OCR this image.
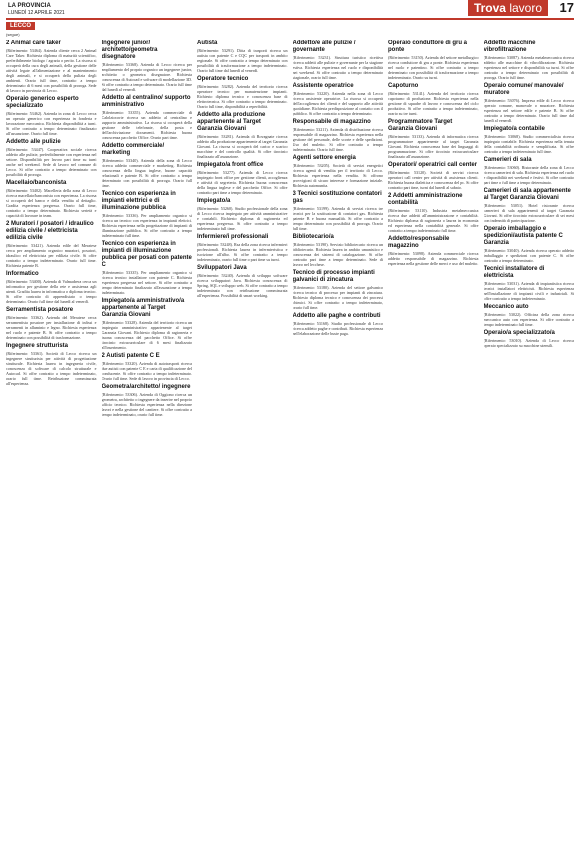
LA PROVINCIA
LUNEDÌ 12 APRILE 2021	Trova lavoro	17
LECCO
(segue)
2 Animal care taker
(Riferimento: 53464). Azienda cliente cerca 2 Animal Care Taker. Richiesta diploma di maturità scientifico, preferibilmente biologo / agraria o perito. La risorsa si occuperà della cura degli animali, della gestione delle attività legate all'alimentazione e al mantenimento degli animali, e si occuperà della pulizia degli ambienti. Orario full time, contratto a tempo determinato di 6 mesi con possibilità di proroga. Sede di lavoro in provincia di Lecco.
Operaio generico esperto specializzato
(Riferimento: 53462). Azienda in zona di Lecco cerca un operaio generico con esperienza in fonderia e lavorazione meccanica. Richiesta disponibilità a turni. Si offre contratto a tempo determinato finalizzato all'assunzione. Orario full time.
Addetto alle pulizie
(Riferimento: 53447). Cooperativa sociale ricerca addetto alle pulizie, preferibilmente con esperienza nel settore. Disponibilità per lavoro part time su turni anche nel weekend. Sede di lavoro nel comune di Lecco. Si offre contratto a tempo determinato con possibilità di proroga.
Macellaio/banconista
(Riferimento: 53402). Macelleria della zona di Lecco ricerca macellaio/banconista con esperienza. La risorsa si occuperà del banco e della vendita al dettaglio. Gradita esperienza pregressa. Orario full time, contratto a tempo determinato. Richiesta serietà e capacità di lavorare in team.
2 Muratori / posatori / idraulico edilizia civile / elettricista edilizia civile
(Riferimento: 53421). Azienda edile del Meratese cerca per ampliamento organico muratori, posatori, idraulico ed elettricista per edilizia civile. Si offre contratto a tempo indeterminato. Orario full time. Richiesta patente B.
Informatico
(Riferimento: 53400). Azienda di Valmadrera cerca un informatico per gestione della rete e assistenza agli utenti. Gradita laurea in informatica o diploma tecnico. Si offre contratto di apprendistato o tempo determinato. Orario full time dal lunedì al venerdì.
Serramentista posatore
(Riferimento: 53362). Azienda del Meratese cerca serramentista posatore per installazione di infissi e serramenti in alluminio e legno. Richiesta esperienza nel ruolo e patente B. Si offre contratto a tempo determinato con possibilità di trasformazione.
Ingegnere strutturista
(Riferimento: 53361). Società di Lecco ricerca un ingegnere strutturista per attività di progettazione strutturale. Richiesta laurea in ingegneria civile, conoscenza di software di calcolo strutturale e Autocad. Si offre contratto a tempo indeterminato, orario full time. Retribuzione commisurata all'esperienza.
Ingegnere junior/ architetto/geometra disegnatore
(Riferimento: 53368). Azienda di Lecco ricerca per ampliamento del proprio organico un ingegnere junior, architetto o geometra disegnatore. Richiesta conoscenza di Autocad e software di modellazione 3D. Si offre contratto a tempo determinato. Orario full time dal lunedì al venerdì.
Addetto al centralino/ supporto amministrativo
(Riferimento: 53355). Azienda commerciale di Calolziocorte ricerca un addetto al centralino e supporto amministrativo. La risorsa si occuperà della gestione delle telefonate, della posta e dell'archiviazione documenti. Richiesta buona conoscenza pacchetto Office. Orario part time.
Addetto commerciale/ marketing
(Riferimento: 53340). Azienda della zona di Lecco ricerca addetto commerciale e marketing. Richiesta conoscenza della lingua inglese, buone capacità relazionali e patente B. Si offre contratto a tempo determinato con possibilità di proroga. Orario full time.
Tecnico con esperienza in impianti elettrici e di illuminazione pubblica
(Riferimento: 53336). Per ampliamento organico si ricerca un tecnico con esperienza in impianti elettrici. Richiesta esperienza nella progettazione di impianti di illuminazione pubblica. Si offre contratto a tempo indeterminato full time.
Tecnico con esperienza in impianti di illuminazione pubblica per posati con patente C
(Riferimento: 53335). Per ampliamento organico si ricerca tecnico installatore con patente C. Richiesta esperienza pregressa nel settore. Si offre contratto a tempo determinato finalizzato all'assunzione a tempo indeterminato.
Impiegato/a amministrativo/a appartenente al Target Garanzia Giovani
(Riferimento: 53328). Azienda del territorio ricerca un impiegato amministrativo appartenente al target Garanzia Giovani. Richiesto diploma di ragioneria e buona conoscenza del pacchetto Office. Si offre tirocinio extracurriculare di 6 mesi finalizzato all'inserimento.
2 Autisti patente C E
(Riferimento: 53320). Azienda di autotrasporti ricerca due autisti con patente C E e carta di qualificazione del conducente. Si offre contratto a tempo indeterminato. Orario full time. Sede di lavoro in provincia di Lecco.
Geometra/architetto/ ingegnere
(Riferimento: 53306). Azienda di Oggiono ricerca un geometra, architetto o ingegnere da inserire nel proprio ufficio tecnico. Richiesta esperienza nella direzione lavori e nella gestione del cantiere. Si offre contratto a tempo indeterminato, orario full time.
Autista
(Riferimento: 53291). Ditta di trasporti ricerca un autista con patente C e CQC per trasporti in ambito regionale. Si offre contratto a tempo determinato con possibilità di trasformazione a tempo indeterminato. Orario full time dal lunedì al venerdì.
Operatore tecnico
(Riferimento: 53282). Azienda del territorio ricerca operatore tecnico per manutenzione impianti. Richiesto diploma tecnico e conoscenza base di elettrotecnica. Si offre contratto a tempo determinato. Orario full time, disponibilità a reperibilità.
Addetto alla produzione appartenente al Target Garanzia Giovani
(Riferimento: 53281). Azienda di Rovagnate ricerca addetto alla produzione appartenente al target Garanzia Giovani. La risorsa si occuperà del carico e scarico macchine e del controllo qualità. Si offre tirocinio finalizzato all'assunzione.
Impiegato/a front office
(Riferimento: 53277). Azienda di Lecco ricerca impiegato front office per gestione clienti, accoglienza e attività di segreteria. Richiesta buona conoscenza della lingua inglese e del pacchetto Office. Si offre contratto part time a tempo determinato.
Impiegato/a
(Riferimento: 53260). Studio professionale della zona di Lecco ricerca impiegato per attività amministrative e contabili. Richiesto diploma di ragioneria ed esperienza pregressa. Si offre contratto a tempo indeterminato full time.
Infermiere/i professionali
(Riferimento: 53248). Rsa della zona ricerca infermieri professionali. Richiesta laurea in infermieristica e iscrizione all'albo. Si offre contratto a tempo indeterminato, orario full time o part time su turni.
Sviluppatori Java
(Riferimento: 53240). Azienda di sviluppo software ricerca sviluppatori Java. Richiesta conoscenza di Spring, SQL e sviluppo web. Si offre contratto a tempo indeterminato con retribuzione commisurata all'esperienza. Possibilità di smart working.
Addetto/e alle pulizie / governante
(Riferimento: 53231). Struttura turistico ricettiva ricerca addetti alle pulizie e governante per la stagione estiva. Richiesta esperienza nel ruolo e disponibilità nei weekend. Si offre contratto a tempo determinato stagionale, orario full time.
Assistente operatrice
(Riferimento: 53220). Azienda nella zona di Lecco ricerca assistente operatrice. La risorsa si occuperà dell'accoglienza dei clienti e del supporto alle attività quotidiane. Richiesta predisposizione al contatto con il pubblico. Si offre contratto a tempo determinato.
Responsabile di magazzino
(Riferimento: 53211). Azienda di distribuzione ricerca responsabile di magazzino. Richiesta esperienza nella gestione del personale, delle scorte e delle spedizioni. Uso del muletto. Si offre contratto a tempo indeterminato. Orario full time.
Agenti settore energia
(Riferimento: 53205). Società di servizi energetici ricerca agenti di vendita per il territorio di Lecco. Richiesta esperienza nella vendita. Si offrono provvigioni di sicuro interesse e formazione iniziale. Richiesta automunita.
3 Tecnici sostituzione contatori gas
(Riferimento: 53199). Azienda di servizi ricerca tre tecnici per la sostituzione di contatori gas. Richiesta patente B e buona manualità. Si offre contratto a tempo determinato con possibilità di proroga. Orario full time.
Bibliotecario/a
(Riferimento: 53190). Servizio bibliotecario ricerca un bibliotecario. Richiesta laurea in ambito umanistico e conoscenza dei sistemi di catalogazione. Si offre contratto part time a tempo determinato. Sede di lavoro nel lecchese.
Tecnico di processo impianti galvanici di zincatura
(Riferimento: 53180). Azienda del settore galvanico ricerca tecnico di processo per impianti di zincatura. Richiesto diploma tecnico e conoscenza dei processi chimici. Si offre contratto a tempo indeterminato, orario full time.
Addetto alle paghe e contributi
(Riferimento: 53168). Studio professionale di Lecco ricerca addetto paghe e contributi. Richiesta esperienza nell'elaborazione delle buste paga.
Operaio conduttore di gru a ponte
(Riferimento: 53150). Azienda del settore metallurgico ricerca conduttore di gru a ponte. Richiesta esperienza nel ruolo e patentino. Si offre contratto a tempo determinato con possibilità di trasformazione a tempo indeterminato. Orario su turni.
Capoturno
(Riferimento: 53141). Azienda del territorio ricerca capoturno di produzione. Richiesta esperienza nella gestione di squadre di lavoro e conoscenza del ciclo produttivo. Si offre contratto a tempo indeterminato, orario su tre turni.
Programmatore Target Garanzia Giovani
(Riferimento: 53133). Azienda di informatica ricerca programmatore appartenente al target Garanzia Giovani. Richiesta conoscenza base dei linguaggi di programmazione. Si offre tirocinio extracurriculare finalizzato all'assunzione.
Operatori/ operatrici call center
(Riferimento: 53120). Società di servizi ricerca operatori call center per attività di assistenza clienti. Richiesta buona dialettica e conoscenza del pc. Si offre contratto part time, turni dal lunedì al sabato.
2 Addetti amministrazione contabilità
(Riferimento: 53110). Industria metalmeccanica ricerca due addetti all'amministrazione e contabilità. Richiesto diploma di ragioneria o laurea in economia ed esperienza nella contabilità generale. Si offre contratto a tempo indeterminato full time.
Addetto/responsabile magazzino
(Riferimento: 53098). Azienda commerciale ricerca addetto responsabile di magazzino. Richiesta esperienza nella gestione delle merci e uso del muletto.
Addetto macchine vibrofiltrazione
(Riferimento: 53087). Azienda metalmeccanica ricerca addetto alle macchine di vibrofiltrazione. Richiesta esperienza nel settore e disponibilità su turni. Si offre contratto a tempo determinato con possibilità di proroga. Orario full time.
Operaio comune/ manovale/ muratore
(Riferimento: 53076). Impresa edile di Lecco ricerca operaio comune, manovale o muratore. Richiesta esperienza nel settore edile e patente B. Si offre contratto a tempo determinato. Orario full time dal lunedì al venerdì.
Impiegato/a contabile
(Riferimento: 53068). Studio commercialista ricerca impiegato contabile. Richiesta esperienza nella tenuta della contabilità ordinaria e semplificata. Si offre contratto a tempo indeterminato full time.
Camerieri di sala
(Riferimento: 53060). Ristorante della zona di Lecco ricerca camerieri di sala. Richiesta esperienza nel ruolo e disponibilità nei weekend e festivi. Si offre contratto part time o full time a tempo determinato.
Camerieri di sala appartenente al Target Garanzia Giovani
(Riferimento: 53051). Hotel ristorante ricerca camerieri di sala appartenenti al target Garanzia Giovani. Si offre tirocinio extracurriculare di sei mesi con indennità di partecipazione.
Operaio imballaggio e spedizioni/autista patente C Garanzia
(Riferimento: 53040). Azienda ricerca operaio addetto imballaggio e spedizioni con patente C. Si offre contratto a tempo determinato.
Tecnici installatore di elettricista
(Riferimento: 53031). Azienda di impiantistica ricerca tecnici installatori elettricisti. Richiesta esperienza nell'installazione di impianti civili e industriali. Si offre contratto a tempo indeterminato.
Meccanico auto
(Riferimento: 53022). Officina della zona ricerca meccanico auto con esperienza. Si offre contratto a tempo indeterminato full time.
Operaio/a specializzato/a
(Riferimento: 53010). Azienda di Lecco ricerca operaio specializzato su macchine utensili.
